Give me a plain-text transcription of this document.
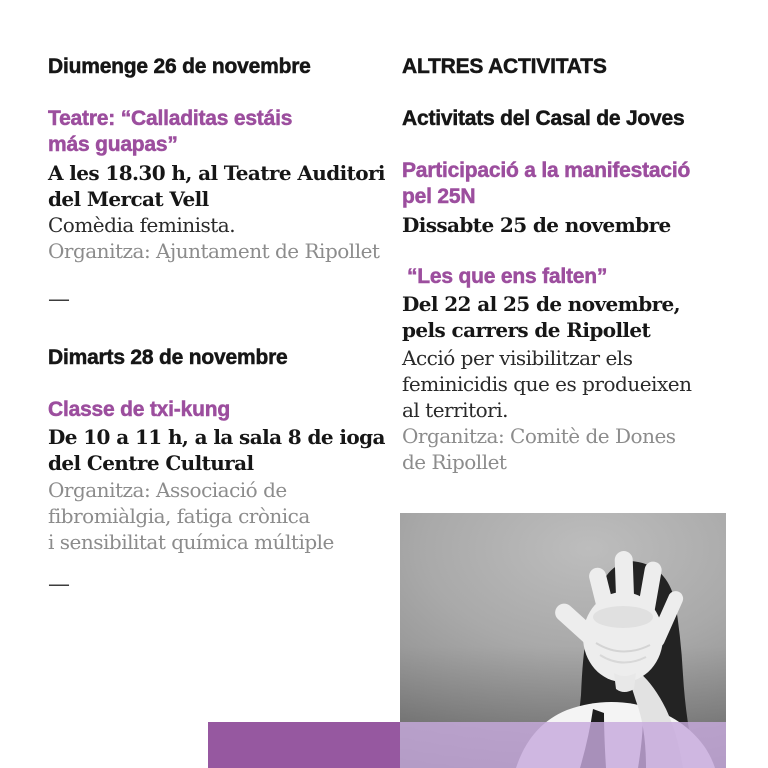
Diumenge 26 de novembre
Teatre: “Calladitas estáis
más guapas”
A les 18.30 h, al Teatre Auditori
del Mercat Vell
Comèdia feminista.
Organitza: Ajuntament de Ripollet
—
Dimarts 28 de novembre
Classe de txi-kung
De 10 a 11 h, a la sala 8 de ioga
del Centre Cultural
Organitza: Associació de
fibromiàlgia, fatiga crònica
i sensibilitat química múltiple
—
ALTRES ACTIVITATS
Activitats del Casal de Joves
Participació a la manifestació
pel 25N
Dissabte 25 de novembre
“Les que ens falten”
Del 22 al 25 de novembre,
pels carrers de Ripollet
Acció per visibilitzar els
feminicidis que es produeixen
al territori.
Organitza: Comitè de Dones
de Ripollet
